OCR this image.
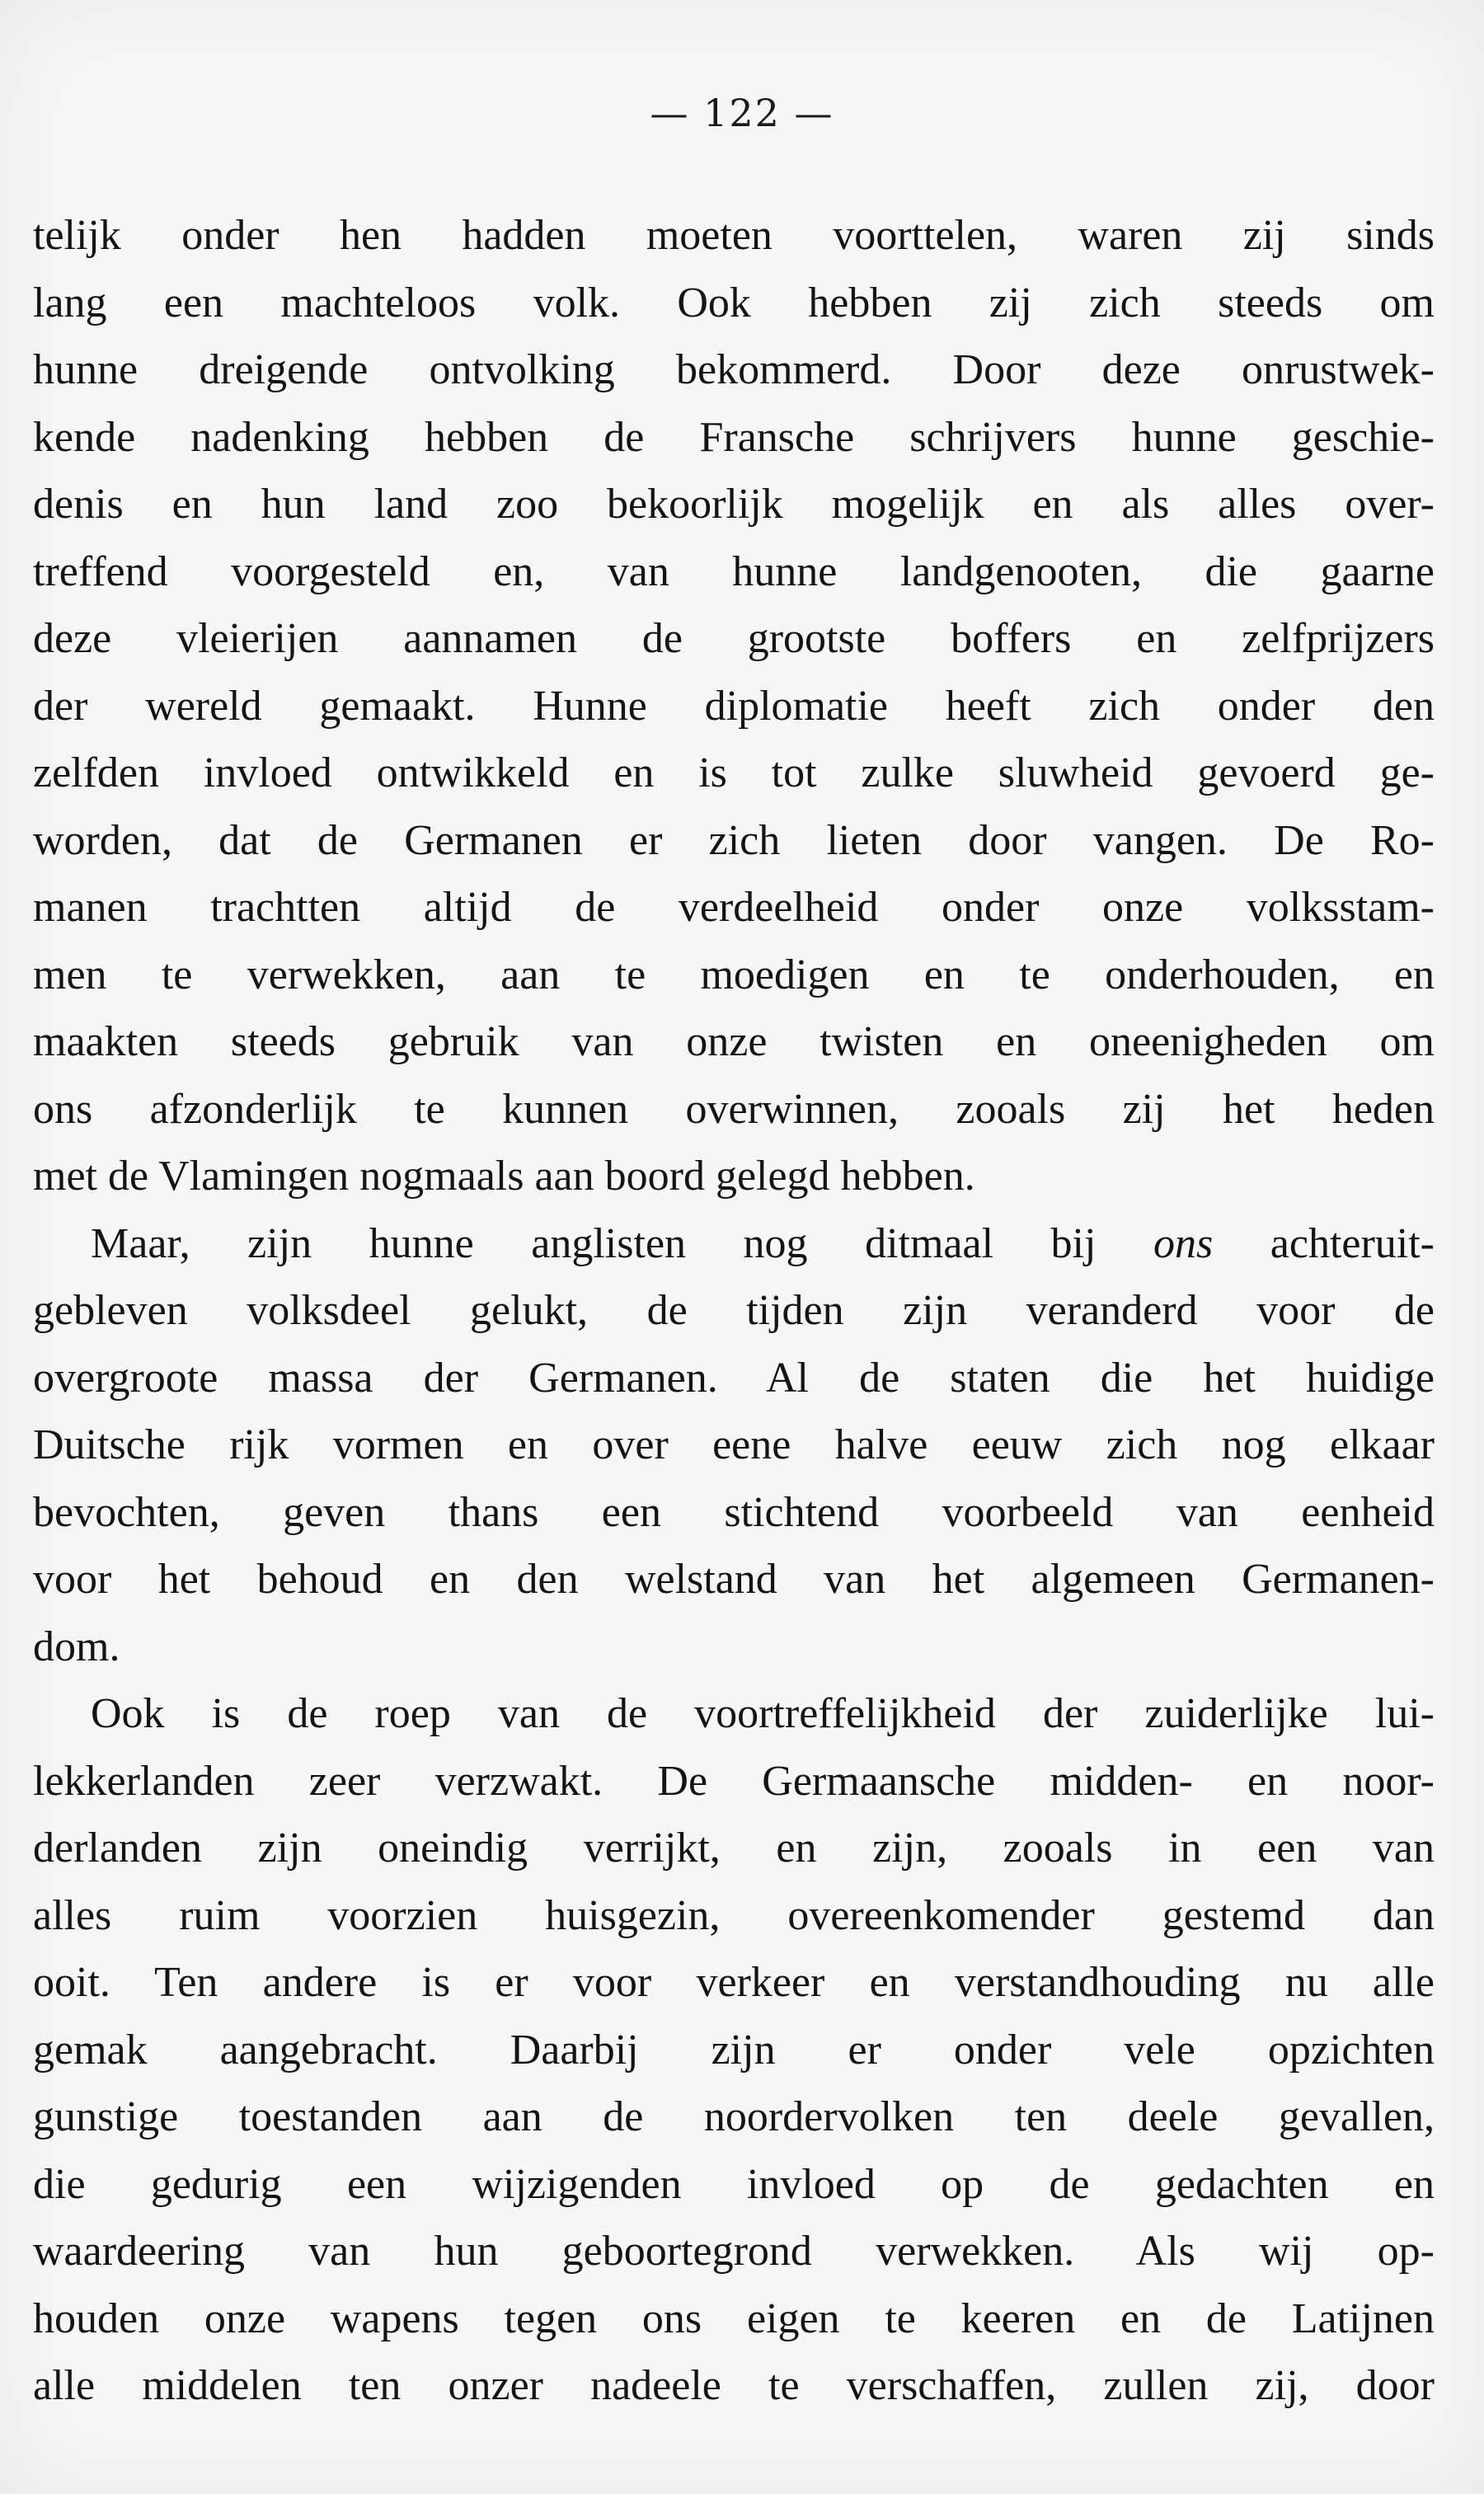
— 122 —
telijk onder hen hadden moeten voorttelen, waren zij sinds
lang een machteloos volk. Ook hebben zij zich steeds om
hunne dreigende ontvolking bekommerd. Door deze onrustwek-
kende nadenking hebben de Fransche schrijvers hunne geschie-
denis en hun land zoo bekoorlijk mogelijk en als alles over-
treffend voorgesteld en, van hunne landgenooten, die gaarne
deze vleierijen aannamen de grootste boffers en zelfprijzers
der wereld gemaakt. Hunne diplomatie heeft zich onder den
zelfden invloed ontwikkeld en is tot zulke sluwheid gevoerd ge-
worden, dat de Germanen er zich lieten door vangen. De Ro-
manen trachtten altijd de verdeelheid onder onze volksstam-
men te verwekken, aan te moedigen en te onderhouden, en
maakten steeds gebruik van onze twisten en oneenigheden om
ons afzonderlijk te kunnen overwinnen, zooals zij het heden
met de Vlamingen nogmaals aan boord gelegd hebben.
Maar, zijn hunne anglisten nog ditmaal bij ons achteruit-
gebleven volksdeel gelukt, de tijden zijn veranderd voor de
overgroote massa der Germanen. Al de staten die het huidige
Duitsche rijk vormen en over eene halve eeuw zich nog elkaar
bevochten, geven thans een stichtend voorbeeld van eenheid
voor het behoud en den welstand van het algemeen Germanen-
dom.
Ook is de roep van de voortreffelijkheid der zuiderlijke lui-
lekkerlanden zeer verzwakt. De Germaansche midden- en noor-
derlanden zijn oneindig verrijkt, en zijn, zooals in een van
alles ruim voorzien huisgezin, overeenkomender gestemd dan
ooit. Ten andere is er voor verkeer en verstandhouding nu alle
gemak aangebracht. Daarbij zijn er onder vele opzichten
gunstige toestanden aan de noordervolken ten deele gevallen,
die gedurig een wijzigenden invloed op de gedachten en
waardeering van hun geboortegrond verwekken. Als wij op-
houden onze wapens tegen ons eigen te keeren en de Latijnen
alle middelen ten onzer nadeele te verschaffen, zullen zij, door
